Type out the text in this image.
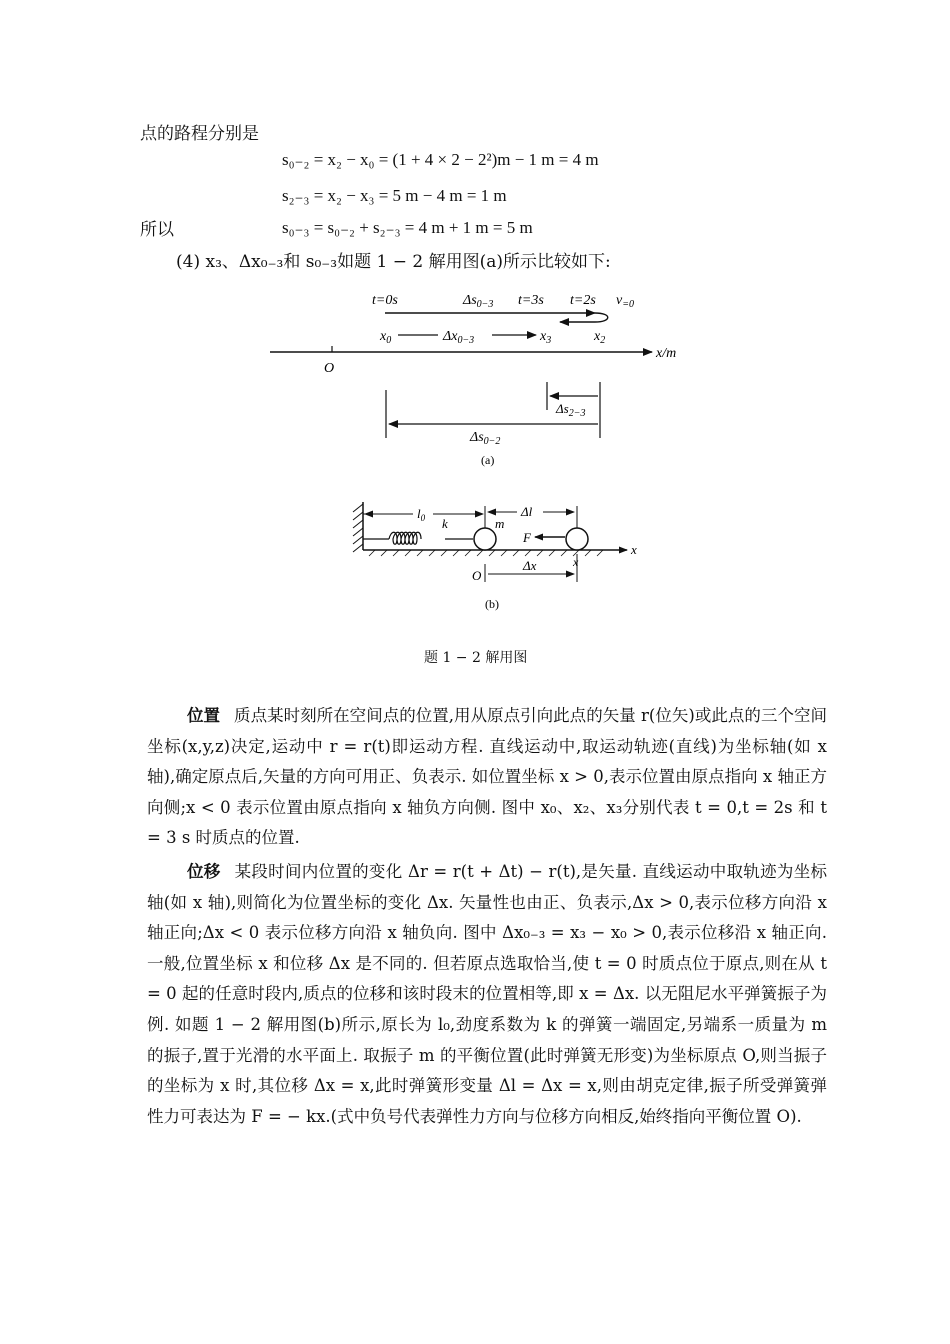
点的路程分别是
s₀₋₂ = x₂ − x₀ = (1 + 4 × 2 − 2²)m − 1 m = 4 m
s₂₋₃ = x₂ − x₃ = 5 m − 4 m = 1 m
所以	s₀₋₃ = s₀₋₂ + s₂₋₃ = 4 m + 1 m = 5 m
(4) x₃、Δx₀₋₃和 s₀₋₃如题 1 − 2 解用图(a)所示比较如下:
t=0s	$\Delta s_{0-3}$ t=3s t=2s $v_{=0}$
$x_0$	$\Delta x_{0-3}$	$x_3$	$x_2$
x/m
O
$\Delta s_{2-3}$
$\Delta s_{0-2}$
(a)
x
k	m
$l_0$	Δl
F
O
Δx	x
(b)
题 1 − 2 解用图
位置 质点某时刻所在空间点的位置,用从原点引向此点的矢量 r(位矢)或此点的三个空间坐标(x,y,z)决定,运动中 r = r(t)即运动方程. 直线运动中,取运动轨迹(直线)为坐标轴(如 x 轴),确定原点后,矢量的方向可用正、负表示. 如位置坐标 x > 0,表示位置由原点指向 x 轴正方向侧;x < 0 表示位置由原点指向 x 轴负方向侧. 图中 x₀、x₂、x₃分别代表 t = 0,t = 2s 和 t = 3 s 时质点的位置.
位移 某段时间内位置的变化 Δr = r(t + Δt) − r(t),是矢量. 直线运动中取轨迹为坐标轴(如 x 轴),则简化为位置坐标的变化 Δx. 矢量性也由正、负表示,Δx > 0,表示位移方向沿 x 轴正向;Δx < 0 表示位移方向沿 x 轴负向. 图中 Δx₀₋₃ = x₃ − x₀ > 0,表示位移沿 x 轴正向. 一般,位置坐标 x 和位移 Δx 是不同的. 但若原点选取恰当,使 t = 0 时质点位于原点,则在从 t = 0 起的任意时段内,质点的位移和该时段末的位置相等,即 x = Δx. 以无阻尼水平弹簧振子为例. 如题 1 − 2 解用图(b)所示,原长为 l₀,劲度系数为 k 的弹簧一端固定,另端系一质量为 m 的振子,置于光滑的水平面上. 取振子 m 的平衡位置(此时弹簧无形变)为坐标原点 O,则当振子的坐标为 x 时,其位移 Δx = x,此时弹簧形变量 Δl = Δx = x,则由胡克定律,振子所受弹簧弹性力可表达为 F = − kx.(式中负号代表弹性力方向与位移方向相反,始终指向平衡位置 O).
